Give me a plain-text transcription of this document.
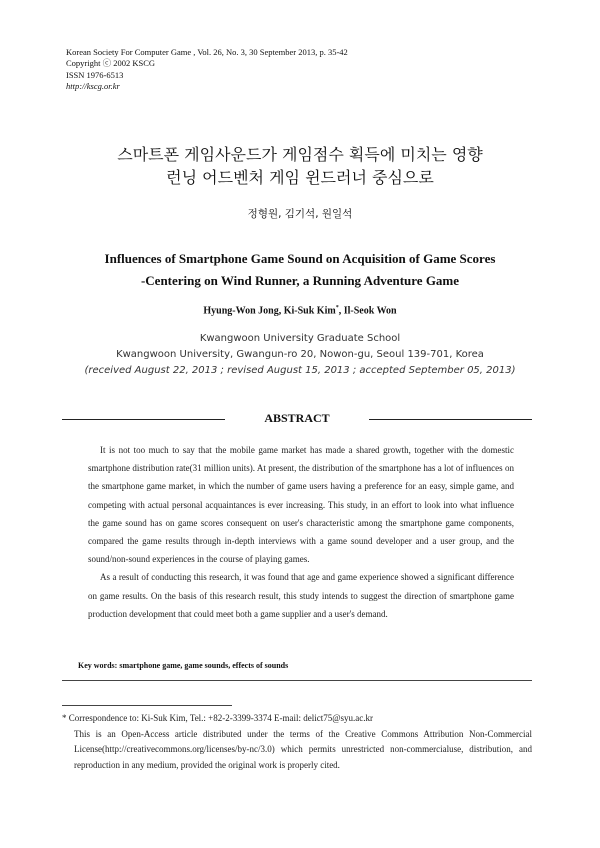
Korean Society For Computer Game , Vol. 26, No. 3, 30 September 2013, p. 35-42
Copyright ⓒ 2002 KSCG
ISSN 1976-6513
http://kscg.or.kr
스마트폰 게임사운드가 게임점수 획득에 미치는 영향
런닝 어드벤처 게임 윈드러너 중심으로
정형원, 김기석, 원일석
Influences of Smartphone Game Sound on Acquisition of Game Scores
-Centering on Wind Runner, a Running Adventure Game
Hyung-Won Jong, Ki-Suk Kim*, Il-Seok Won
Kwangwoon University Graduate School
Kwangwoon University, Gwangun-ro 20, Nowon-gu, Seoul 139-701, Korea
(received August 22, 2013 ; revised August 15, 2013 ; accepted September 05, 2013)
ABSTRACT

It is not too much to say that the mobile game market has made a shared growth, together with the domestic smartphone distribution rate(31 million units). At present, the distribution of the smartphone has a lot of influences on the smartphone game market, in which the number of game users having a preference for an easy, simple game, and competing with actual personal acquaintances is ever increasing. This study, in an effort to look into what influence the game sound has on game scores consequent on user's characteristic among the smartphone game components, compared the game results through in-depth interviews with a game sound developer and a user group, and the sound/non-sound experiences in the course of playing games.

As a result of conducting this research, it was found that age and game experience showed a significant difference on game results. On the basis of this research result, this study intends to suggest the direction of smartphone game production development that could meet both a game supplier and a user's demand.

Key words: smartphone game, game sounds, effects of sounds
* Correspondence to: Ki-Suk Kim, Tel.: +82-2-3399-3374 E-mail: delict75@syu.ac.kr
This is an Open-Access article distributed under the terms of the Creative Commons Attribution Non-Commercial License(http://creativecommons.org/licenses/by-nc/3.0) which permits unrestricted non-commercialuse, distribution, and reproduction in any medium, provided the original work is properly cited.
